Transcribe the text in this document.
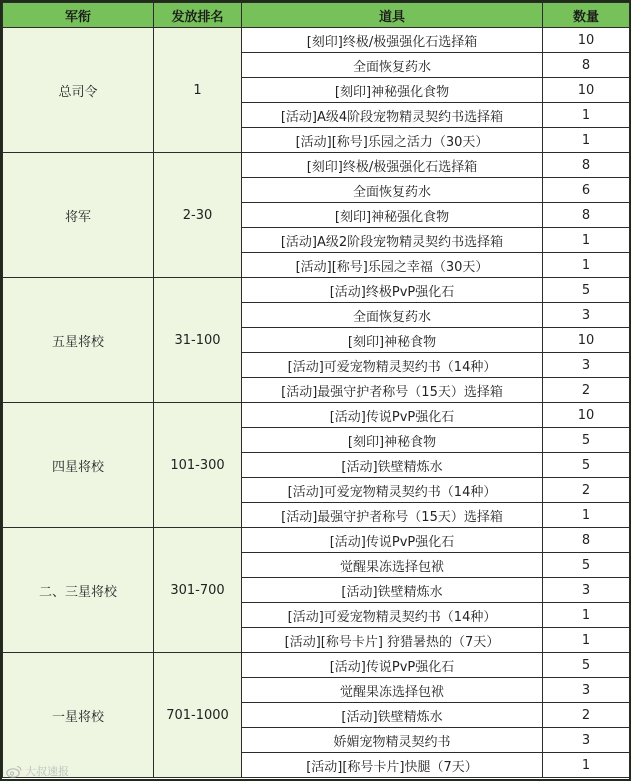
军衔	发放排名	道具	数量
总司令	1	[刻印]终极/极强强化石选择箱	10
		全面恢复药水	8
		[刻印]神秘强化食物	10
		[活动]A级4阶段宠物精灵契约书选择箱	1
		[活动][称号]乐园之活力（30天）	1
将军	2-30	[刻印]终极/极强强化石选择箱	8
		全面恢复药水	6
		[刻印]神秘强化食物	8
		[活动]A级2阶段宠物精灵契约书选择箱	1
		[活动][称号]乐园之幸福（30天）	1
五星将校	31-100	[活动]终极PvP强化石	5
		全面恢复药水	3
		[刻印]神秘食物	10
		[活动]可爱宠物精灵契约书（14种）	3
		[活动]最强守护者称号（15天）选择箱	2
四星将校	101-300	[活动]传说PvP强化石	10
		[刻印]神秘食物	5
		[活动]铁壁精炼水	5
		[活动]可爱宠物精灵契约书（14种）	2
		[活动]最强守护者称号（15天）选择箱	1
二、三星将校	301-700	[活动]传说PvP强化石	8
		觉醒果冻选择包袱	5
		[活动]铁壁精炼水	3
		[活动]可爱宠物精灵契约书（14种）	1
		[活动][称号卡片] 狩猎暑热的（7天）	1
一星将校	701-1000	[活动]传说PvP强化石	5
		觉醒果冻选择包袱	3
		[活动]铁壁精炼水	2
		娇媚宠物精灵契约书	3
		[活动][称号卡片]快腿（7天）	1
大叔速报
